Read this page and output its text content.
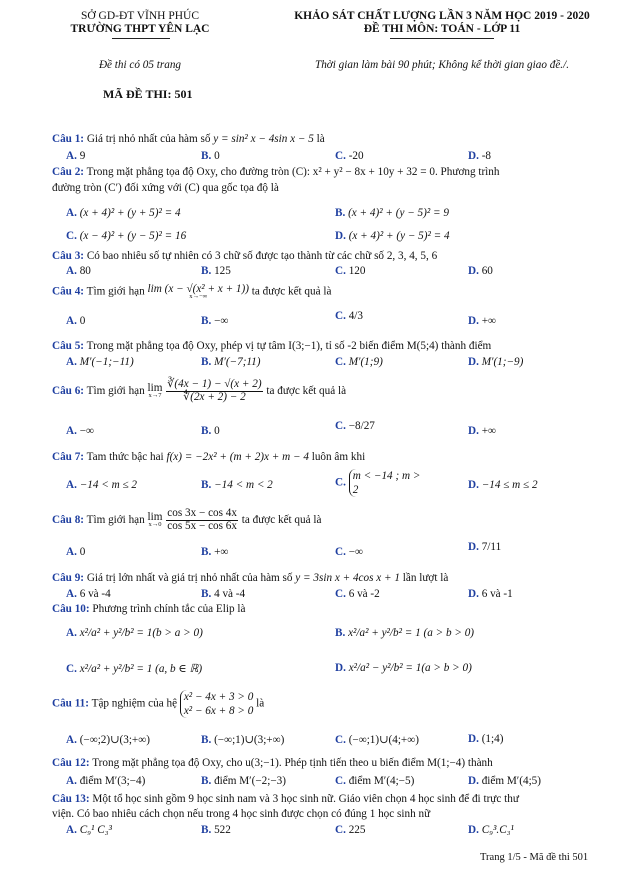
SỞ GD-ĐT VĨNH PHÚC
TRƯỜNG THPT YÊN LẠC
KHẢO SÁT CHẤT LƯỢNG LẦN 3 NĂM HỌC 2019 - 2020
ĐỀ THI MÔN: TOÁN - LỚP 11
Đề thi có 05 trang	Thời gian làm bài 90 phút; Không kể thời gian giao đề./.
MÃ ĐỀ THI: 501
Câu 1: Giá trị nhỏ nhất của hàm số y = sin² x − 4sin x − 5 là
A. 9	B. 0	C. -20	D. -8
Câu 2: Trong mặt phẳng tọa độ Oxy, cho đường tròn (C): x² + y² − 8x + 10y + 32 = 0. Phương trình
đường tròn (C′) đối xứng với (C) qua gốc tọa độ là
A. (x + 4)² + (y + 5)² = 4	B. (x + 4)² + (y − 5)² = 9
C. (x − 4)² + (y − 5)² = 16	D. (x + 4)² + (y − 5)² = 4
Câu 3: Có bao nhiêu số tự nhiên có 3 chữ số được tạo thành từ các chữ số 2, 3, 4, 5, 6
A. 80	B. 125	C. 120	D. 60
Câu 4: Tìm giới hạn lim (x − √(x² + x + 1))
x→−∞	ta được kết quả là
A. 0	B. −∞	C. 4/3	D. +∞
Câu 5: Trong mặt phẳng tọa độ Oxy, phép vị tự tâm I(3;−1), tỉ số -2 biến điểm M(5;4) thành điểm
A. M′(−1;−11)	B. M′(−7;11)	C. M′(1;9)	D. M′(1;−9)
Câu 6: Tìm giới hạn lim
x→7
$\frac{∛(4x - 1) - √(x + 2)}{∜(2x + 2) - 2}$ ta được kết quả là
A. −∞	B. 0	C. −8/27	D. +∞
Câu 7: Tam thức bậc hai f(x) = −2x² + (m + 2)x + m − 4 luôn âm khi
A. −14 < m ≤ 2	B. −14 < m < 2	C. m < −14 ; m > 2	D. −14 ≤ m ≤ 2
Câu 8: Tìm giới hạn lim
x→0
$\frac{\cos 3x - \cos 4x}{\cos 5x - \cos 6x}$ ta được kết quả là
A. 0	B. +∞	C. −∞	D. 7/11
Câu 9: Giá trị lớn nhất và giá trị nhỏ nhất của hàm số y = 3sin x + 4cos x + 1 lần lượt là
A. 6 và -4	B. 4 và -4	C. 6 và -2	D. 6 và -1
Câu 10: Phương trình chính tắc của Elip là
A. x²/a² + y²/b² = 1(b > a > 0)	B. x²/a² + y²/b² = 1 (a > b > 0)
C. x²/a² + y²/b² = 1 (a, b ∈ ℝ)	D. x²/a² − y²/b² = 1(a > b > 0)
Câu 11: Tập nghiệm của hệ
x² − 4x + 3 > 0
x² − 6x + 8 > 0
là
A. (−∞;2)∪(3;+∞)	B. (−∞;1)∪(3;+∞)	C. (−∞;1)∪(4;+∞)	D. (1;4)
Câu 12: Trong mặt phẳng tọa độ Oxy, cho u(3;−1). Phép tịnh tiến theo u biến điểm M(1;−4) thành
A. điểm M′(3;−4)	B. điểm M′(−2;−3)	C. điểm M′(4;−5)	D. điểm M′(4;5)
Câu 13: Một tổ học sinh gồm 9 học sinh nam và 3 học sinh nữ. Giáo viên chọn 4 học sinh để đi trực thư
viện. Có bao nhiêu cách chọn nếu trong 4 học sinh được chọn có đúng 1 học sinh nữ
A. C₉¹ C₃³	B. 522	C. 225	D. C₉³.C₃¹
Trang 1/5 - Mã đề thi 501
